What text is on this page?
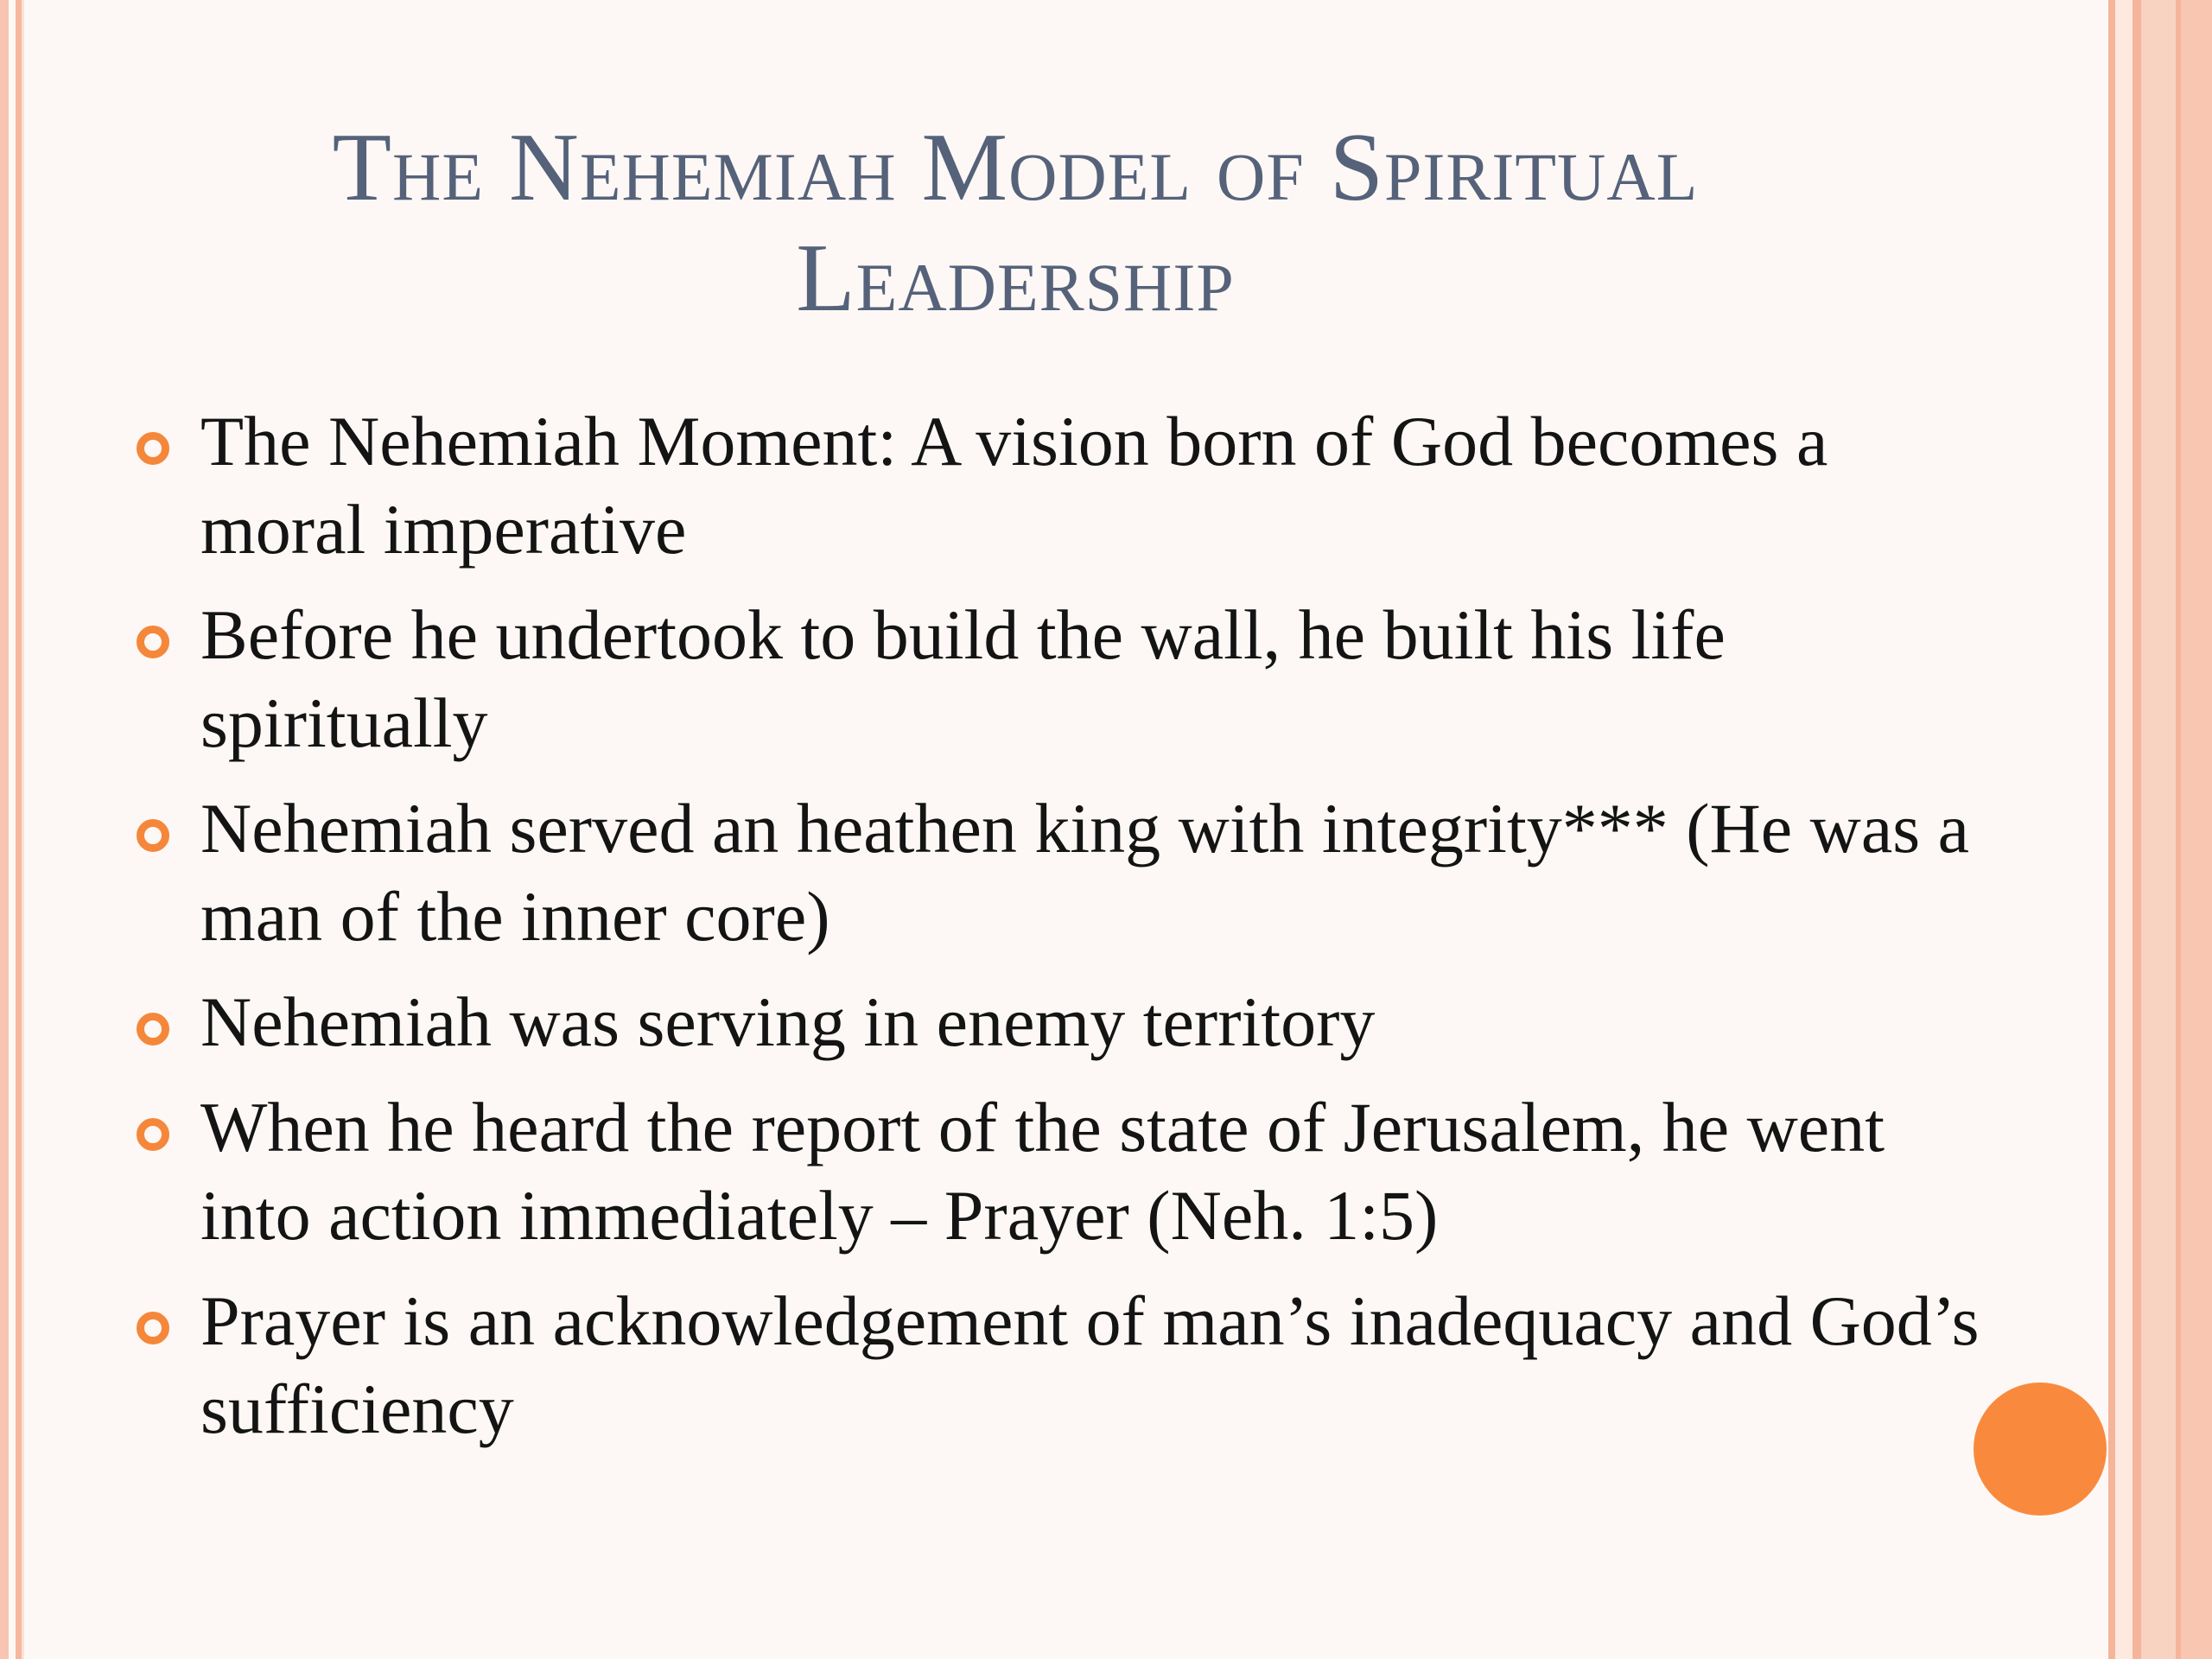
The Nehemiah Model of Spiritual Leadership
The Nehemiah Moment: A vision born of God becomes a moral imperative
Before he undertook to build the wall, he built his life spiritually
Nehemiah served an heathen king with integrity*** (He was a man of the inner core)
Nehemiah was serving in enemy territory
When he heard the report of the state of Jerusalem, he went into action immediately – Prayer (Neh. 1:5)
Prayer is an acknowledgement of man’s inadequacy and God’s sufficiency
